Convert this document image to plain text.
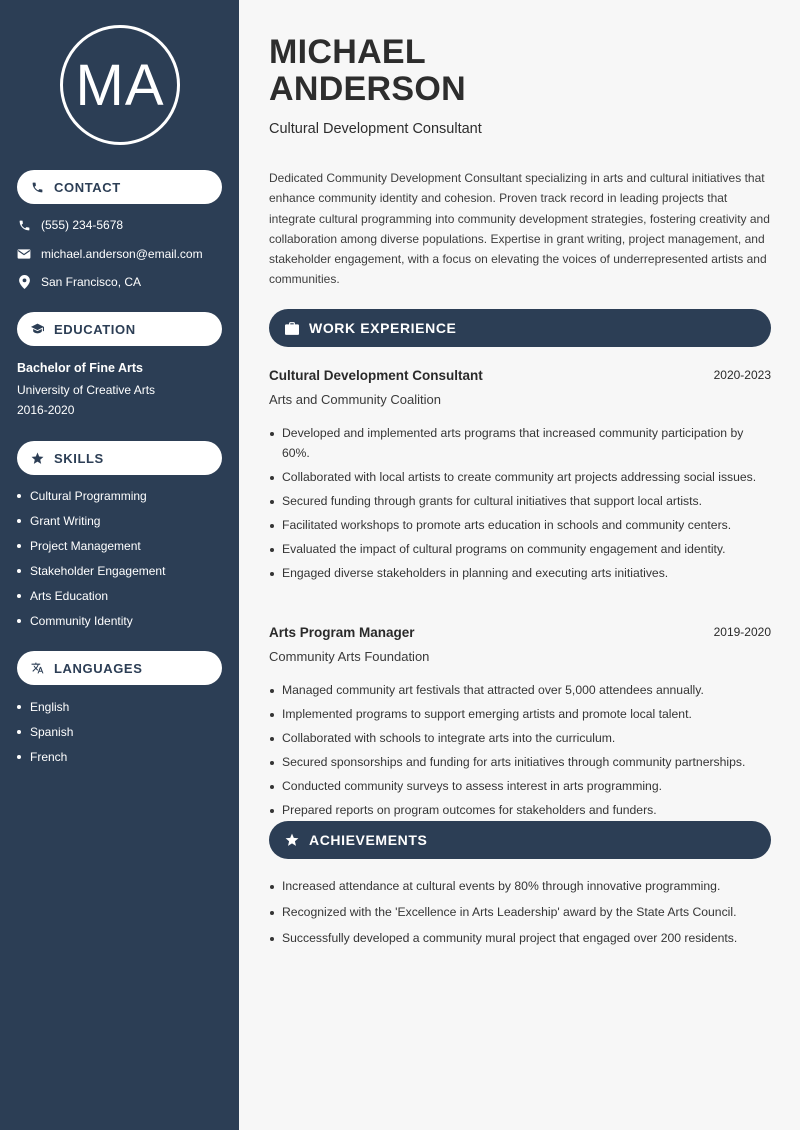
MA
CONTACT
(555) 234-5678
michael.anderson@email.com
San Francisco, CA
EDUCATION
Bachelor of Fine Arts
University of Creative Arts
2016-2020
SKILLS
Cultural Programming
Grant Writing
Project Management
Stakeholder Engagement
Arts Education
Community Identity
LANGUAGES
English
Spanish
French
MICHAEL
ANDERSON
Cultural Development Consultant

Dedicated Community Development Consultant specializing in arts and cultural initiatives that enhance community identity and cohesion. Proven track record in leading projects that integrate cultural programming into community development strategies, fostering creativity and collaboration among diverse populations. Expertise in grant writing, project management, and stakeholder engagement, with a focus on elevating the voices of underrepresented artists and communities.

WORK EXPERIENCE
Cultural Development Consultant	2020-2023
Arts and Community Coalition
Developed and implemented arts programs that increased community participation by 60%.
Collaborated with local artists to create community art projects addressing social issues.
Secured funding through grants for cultural initiatives that support local artists.
Facilitated workshops to promote arts education in schools and community centers.
Evaluated the impact of cultural programs on community engagement and identity.
Engaged diverse stakeholders in planning and executing arts initiatives.
Arts Program Manager	2019-2020
Community Arts Foundation
Managed community art festivals that attracted over 5,000 attendees annually.
Implemented programs to support emerging artists and promote local talent.
Collaborated with schools to integrate arts into the curriculum.
Secured sponsorships and funding for arts initiatives through community partnerships.
Conducted community surveys to assess interest in arts programming.
Prepared reports on program outcomes for stakeholders and funders.
ACHIEVEMENTS
Increased attendance at cultural events by 80% through innovative programming.
Recognized with the 'Excellence in Arts Leadership' award by the State Arts Council.
Successfully developed a community mural project that engaged over 200 residents.
